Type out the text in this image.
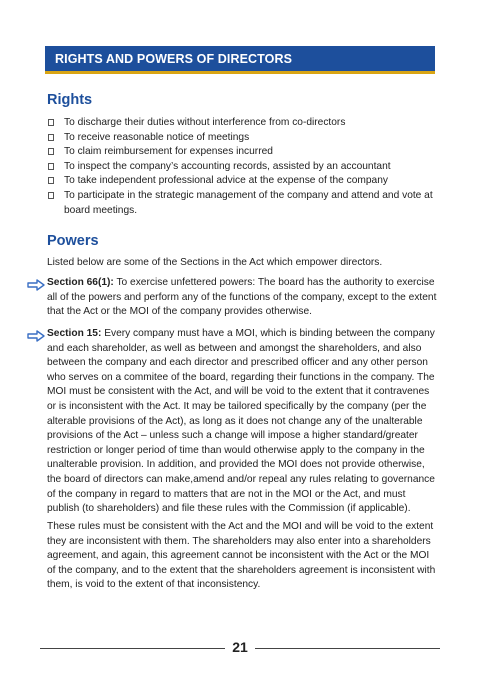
RIGHTS AND POWERS OF DIRECTORS
Rights
To discharge their duties without interference from co-directors
To receive reasonable notice of meetings
To claim reimbursement for expenses incurred
To inspect the company’s accounting records, assisted by an accountant
To take independent professional advice at the expense of the company
To participate in the strategic management of the company and attend and vote at board meetings.
Powers

Listed below are some of the Sections in the Act which empower directors.

Section 66(1): To exercise unfettered powers: The board has the authority to exercise all of the powers and perform any of the functions of the company, except to the extent that the Act or the MOI of the company provides otherwise.
Section 15: Every company must have a MOI, which is binding between the company and each shareholder, as well as between and amongst the shareholders, and also between the company and each director and prescribed officer and any other person who serves on a commitee of the board, regarding their functions in the company. The MOI must be consistent with the Act, and will be void to the extent that it contravenes or is inconsistent with the Act. It may be tailored specifically by the company (per the alterable provisions of the Act), as long as it does not change any of the unalterable provisions of the Act – unless such a change will impose a higher standard/greater restriction or longer period of time than would otherwise apply to the company in the unalterable provision. In addition, and provided the MOI does not provide otherwise, the board of directors can make,amend and/or repeal any rules relating to governance of the company in regard to matters that are not in the MOI or the Act, and must publish (to shareholders) and file these rules with the Commission (if applicable).

These rules must be consistent with the Act and the MOI and will be void to the extent they are inconsistent with them. The shareholders may also enter into a shareholders agreement, and again, this agreement cannot be inconsistent with the Act or the MOI of the company, and to the extent that the shareholders agreement is inconsistent with them, is void to the extent of that inconsistency.

21
